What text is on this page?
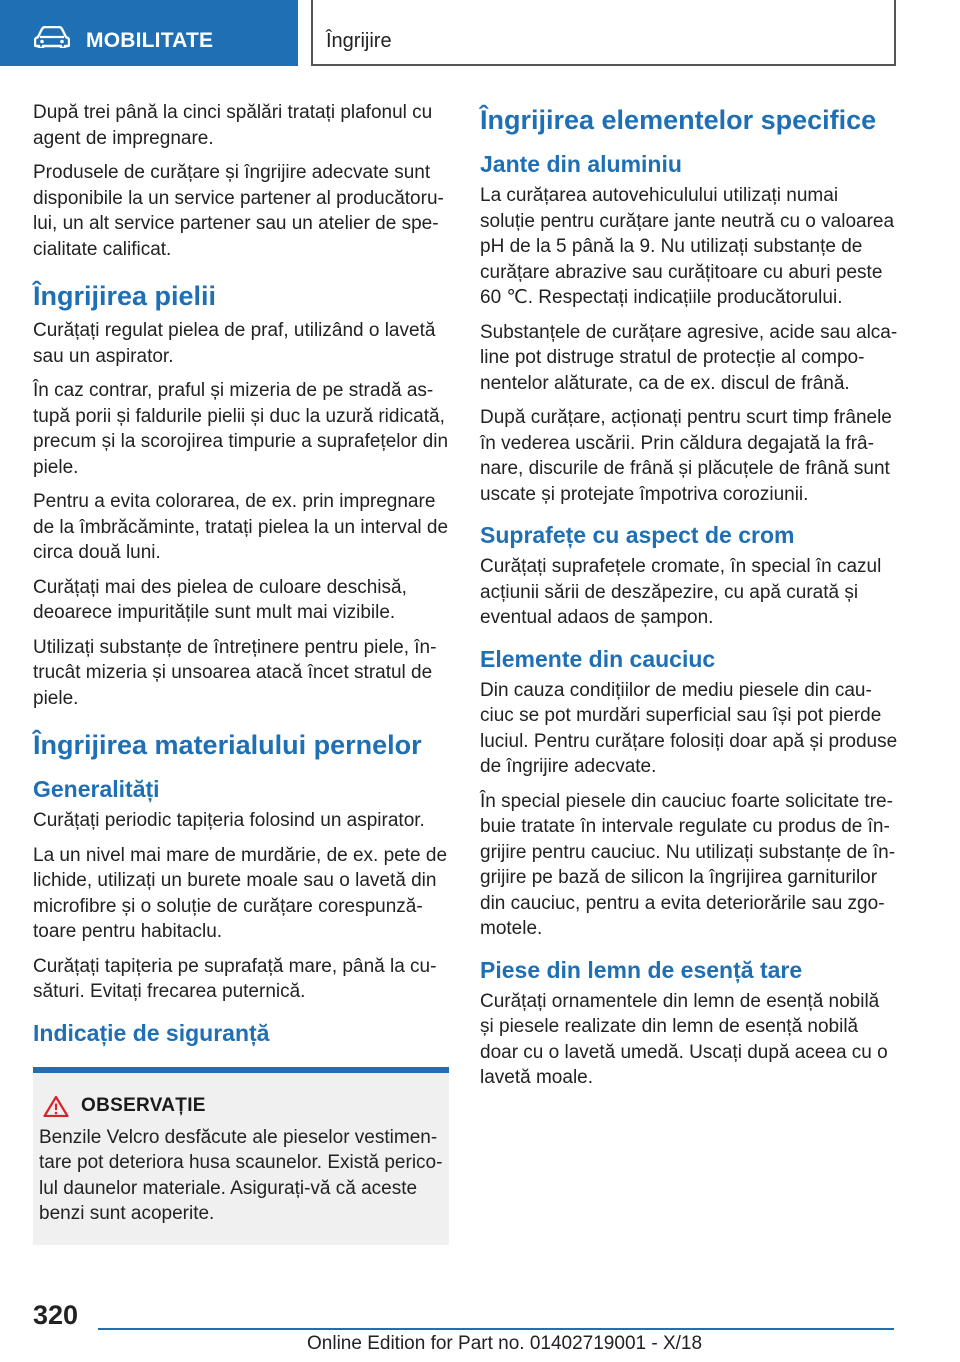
MOBILITATE	Îngrijire

După trei până la cinci spălări tratați plafonul cu agent de impregnare.

Produsele de curățare și îngrijire adecvate sunt disponibile la un service partener al producătorului, un alt service partener sau un atelier de specialitate calificat.

Îngrijirea pielii

Curățați regulat pielea de praf, utilizând o lavetă sau un aspirator.

În caz contrar, praful și mizeria de pe stradă astupă porii și faldurile pielii și duc la uzură ridicată, precum și la scorojirea timpurie a suprafețelor din piele.

Pentru a evita colorarea, de ex. prin impregnare de la îmbrăcăminte, tratați pielea la un interval de circa două luni.

Curățați mai des pielea de culoare deschisă, deoarece impuritățile sunt mult mai vizibile.

Utilizați substanțe de întreținere pentru piele, întrucât mizeria și unsoarea atacă încet stratul de piele.

Îngrijirea materialului pernelor
Generalități

Curățați periodic tapițeria folosind un aspirator.

La un nivel mai mare de murdărie, de ex. pete de lichide, utilizați un burete moale sau o lavetă din microfibre și o soluție de curățare corespunzătoare pentru habitaclu.

Curățați tapițeria pe suprafață mare, până la cusături. Evitați frecarea puternică.

Indicație de siguranță
OBSERVAȚIE

Benzile Velcro desfăcute ale pieselor vestimentare pot deteriora husa scaunelor. Există pericolul daunelor materiale. Asigurați-vă că aceste benzi sunt acoperite.

Îngrijirea elementelor specifice
Jante din aluminiu

La curățarea autovehiculului utilizați numai soluție pentru curățare jante neutră cu o valoarea pH de la 5 până la 9. Nu utilizați substanțe de curățare abrazive sau curățitoare cu aburi peste 60 ℃. Respectați indicațiile producătorului.

Substanțele de curățare agresive, acide sau alcaline pot distruge stratul de protecție al componentelor alăturate, ca de ex. discul de frână.

După curățare, acționați pentru scurt timp frânele în vederea uscării. Prin căldura degajată la frânare, discurile de frână și plăcuțele de frână sunt uscate și protejate împotriva coroziunii.

Suprafețe cu aspect de crom

Curățați suprafețele cromate, în special în cazul acțiunii sării de deszăpezire, cu apă curată și eventual adaos de șampon.

Elemente din cauciuc

Din cauza condițiilor de mediu piesele din cauciuc se pot murdări superficial sau își pot pierde luciul. Pentru curățare folosiți doar apă și produse de îngrijire adecvate.

În special piesele din cauciuc foarte solicitate trebuie tratate în intervale regulate cu produs de îngrijire pentru cauciuc. Nu utilizați substanțe de îngrijire pe bază de silicon la îngrijirea garniturilor din cauciuc, pentru a evita deteriorările sau zgomotele.

Piese din lemn de esență tare

Curățați ornamentele din lemn de esență nobilă și piesele realizate din lemn de esență nobilă doar cu o lavetă umedă. Uscați după aceea cu o lavetă moale.

320
Online Edition for Part no. 01402719001 - X/18
